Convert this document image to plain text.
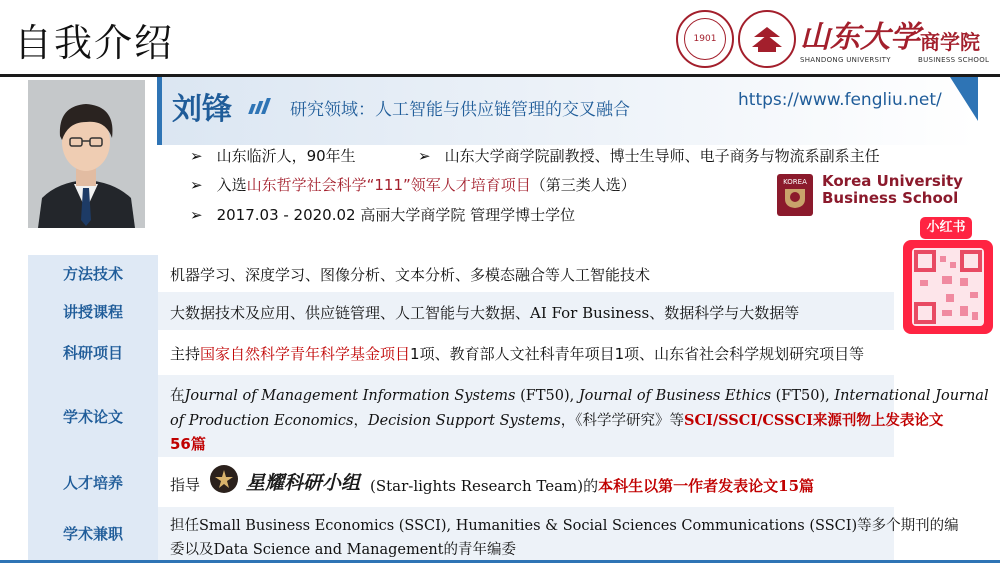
自我介绍	1901	山东大学 商学院
SHANDONG UNIVERSITY	BUSINESS SCHOOL
刘锋	研究领域：人工智能与供应链管理的交叉融合	https://www.fengliu.net/
➢ 山东临沂人，90年生	➢ 山东大学商学院副教授、博士生导师、电子商务与物流系副系主任
➢ 入选山东哲学社会科学“111”领军人才培育项目（第三类人选）
➢ 2017.03 - 2020.02 高丽大学商学院 管理学博士学位
KOREA	Korea University
Business School
小红书
方法技术	机器学习、深度学习、图像分析、文本分析、多模态融合等人工智能技术
讲授课程	大数据技术及应用、供应链管理、人工智能与大数据、AI For Business、数据科学与大数据等
科研项目	主持国家自然科学青年科学基金项目1项、教育部人文社科青年项目1项、山东省社会科学规划研究项目等
学术论文
在Journal of Management Information Systems (FT50), Journal of Business Ethics (FT50), International Journal
of Production Economics，Decision Support Systems，《科学学研究》等SCI/SSCI/CSSCI来源刊物上发表论文
56篇
人才培养	指导 星耀科研小组 (Star-lights Research Team)的本科生以第一作者发表论文15篇
学术兼职	担任Small Business Economics (SSCI), Humanities & Social Sciences Communications (SSCI)等多个期刊的编
委以及Data Science and Management的青年编委
